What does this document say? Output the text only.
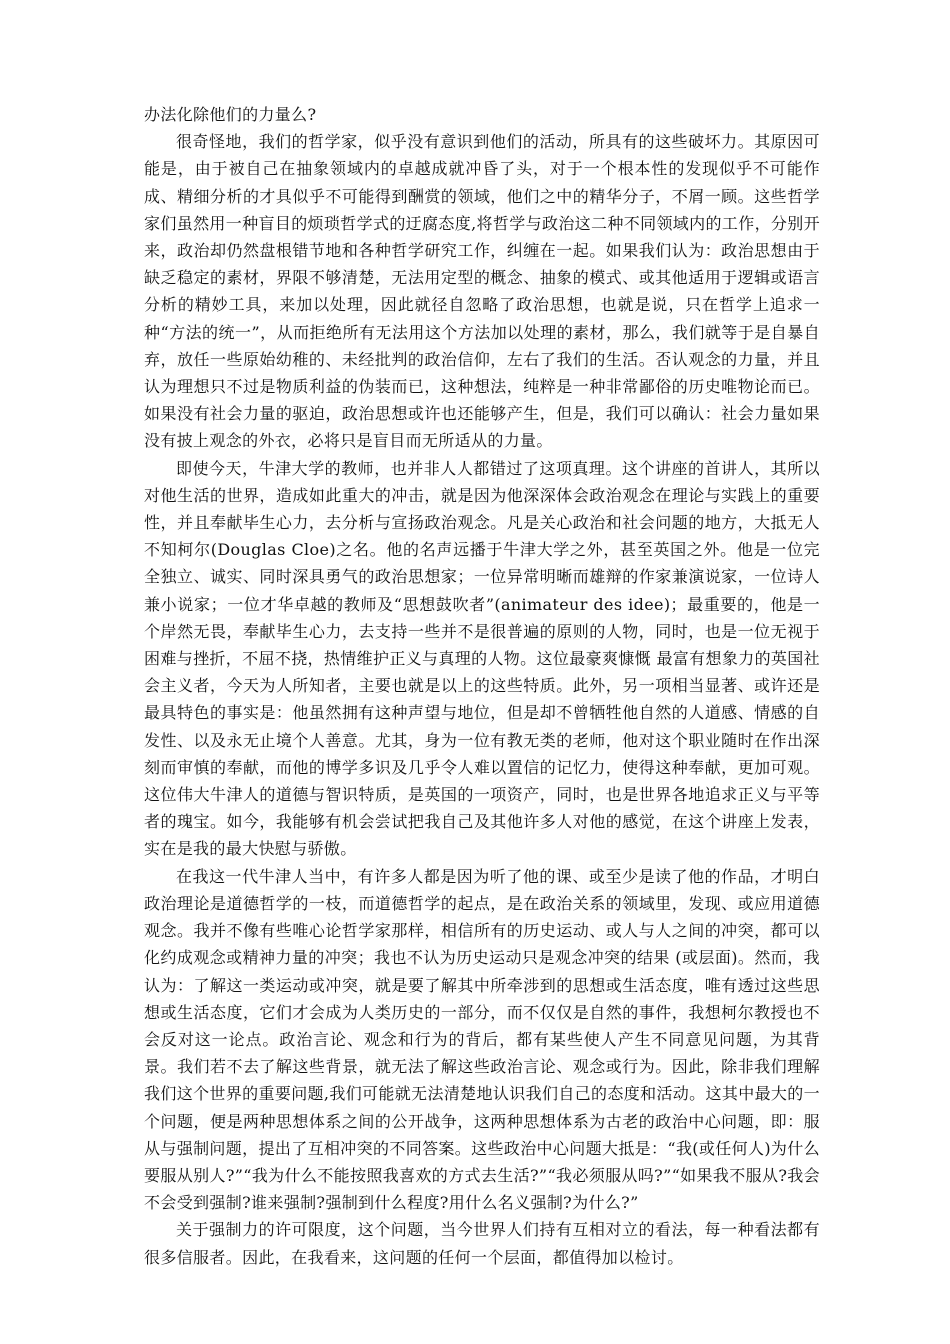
办法化除他们的力量么?

很奇怪地，我们的哲学家，似乎没有意识到他们的活动，所具有的这些破坏力。其原因可能是，由于被自己在抽象领域内的卓越成就冲昏了头，对于一个根本性的发现似乎不可能作成、精细分析的才具似乎不可能得到酬赏的领域，他们之中的精华分子，不屑一顾。这些哲学家们虽然用一种盲目的烦琐哲学式的迂腐态度,将哲学与政治这二种不同领域内的工作，分别开来，政治却仍然盘根错节地和各种哲学研究工作，纠缠在一起。如果我们认为：政治思想由于缺乏稳定的素材，界限不够清楚，无法用定型的概念、抽象的模式、或其他适用于逻辑或语言分析的精妙工具，来加以处理，因此就径自忽略了政治思想，也就是说，只在哲学上追求一种“方法的统一”，从而拒绝所有无法用这个方法加以处理的素材，那么，我们就等于是自暴自弃，放任一些原始幼稚的、未经批判的政治信仰，左右了我们的生活。否认观念的力量，并且认为理想只不过是物质利益的伪装而已，这种想法，纯粹是一种非常鄙俗的历史唯物论而已。如果没有社会力量的驱迫，政治思想或许也还能够产生，但是，我们可以确认：社会力量如果没有披上观念的外衣，必将只是盲目而无所适从的力量。

即使今天，牛津大学的教师，也并非人人都错过了这项真理。这个讲座的首讲人，其所以对他生活的世界，造成如此重大的冲击，就是因为他深深体会政治观念在理论与实践上的重要性，并且奉献毕生心力，去分析与宣扬政治观念。凡是关心政治和社会问题的地方，大抵无人不知柯尔(Douglas Cloe)之名。他的名声远播于牛津大学之外，甚至英国之外。他是一位完全独立、诚实、同时深具勇气的政治思想家；一位异常明晰而雄辩的作家兼演说家，一位诗人兼小说家；一位才华卓越的教师及“思想鼓吹者”(animateur des idee)；最重要的，他是一个岸然无畏，奉献毕生心力，去支持一些并不是很普遍的原则的人物，同时，也是一位无视于困难与挫折，不屈不挠，热情维护正义与真理的人物。这位最豪爽慷慨 最富有想象力的英国社会主义者，今天为人所知者，主要也就是以上的这些特质。此外，另一项相当显著、或许还是最具特色的事实是：他虽然拥有这种声望与地位，但是却不曾牺牲他自然的人道感、情感的自发性、以及永无止境个人善意。尤其，身为一位有教无类的老师，他对这个职业随时在作出深刻而审慎的奉献，而他的博学多识及几乎令人难以置信的记忆力，使得这种奉献，更加可观。这位伟大牛津人的道德与智识特质，是英国的一项资产，同时，也是世界各地追求正义与平等者的瑰宝。如今，我能够有机会尝试把我自己及其他许多人对他的感觉，在这个讲座上发表，实在是我的最大快慰与骄傲。

在我这一代牛津人当中，有许多人都是因为听了他的课、或至少是读了他的作品，才明白政治理论是道德哲学的一枝，而道德哲学的起点，是在政治关系的领域里，发现、或应用道德观念。我并不像有些唯心论哲学家那样，相信所有的历史运动、或人与人之间的冲突，都可以化约成观念或精神力量的冲突；我也不认为历史运动只是观念冲突的结果 (或层面)。然而，我认为：了解这一类运动或冲突，就是要了解其中所牵涉到的思想或生活态度，唯有透过这些思想或生活态度，它们才会成为人类历史的一部分，而不仅仅是自然的事件，我想柯尔教授也不会反对这一论点。政治言论、观念和行为的背后，都有某些使人产生不同意见问题，为其背景。我们若不去了解这些背景，就无法了解这些政治言论、观念或行为。因此，除非我们理解我们这个世界的重要问题,我们可能就无法清楚地认识我们自己的态度和活动。这其中最大的一个问题，便是两种思想体系之间的公开战争，这两种思想体系为古老的政治中心问题，即：服从与强制问题，提出了互相冲突的不同答案。这些政治中心问题大抵是：“我(或任何人)为什么要服从别人?”“我为什么不能按照我喜欢的方式去生活?”“我必须服从吗?”“如果我不服从?我会不会受到强制?谁来强制?强制到什么程度?用什么名义强制?为什么?”

关于强制力的许可限度，这个问题，当今世界人们持有互相对立的看法，每一种看法都有很多信服者。因此，在我看来，这问题的任何一个层面，都值得加以检讨。
